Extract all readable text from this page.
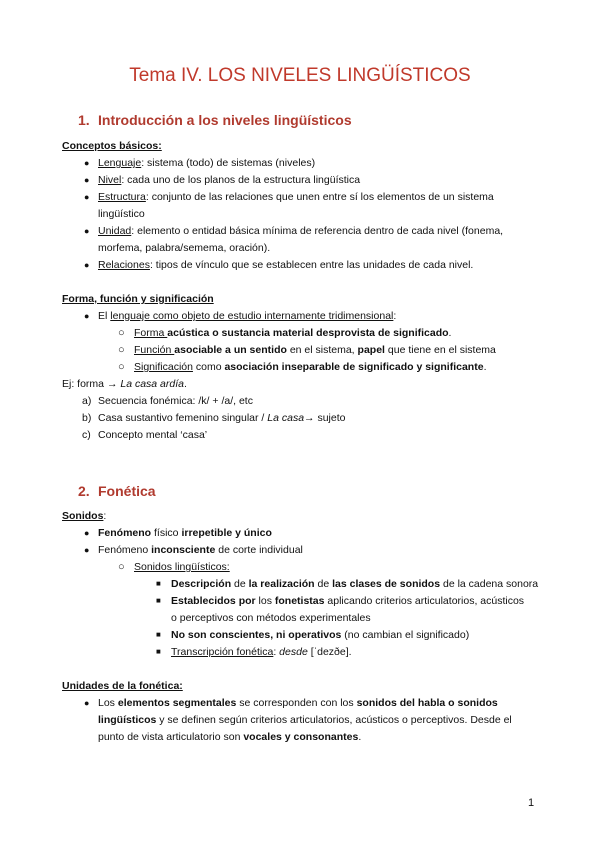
Tema IV. LOS NIVELES LINGÜÍSTICOS
1. Introducción a los niveles lingüísticos
Conceptos básicos:
● Lenguaje: sistema (todo) de sistemas (niveles)
● Nivel: cada uno de los planos de la estructura lingüística
● Estructura: conjunto de las relaciones que unen entre sí los elementos de un sistema
lingüístico
● Unidad: elemento o entidad básica mínima de referencia dentro de cada nivel (fonema,
morfema, palabra/semema, oración).
● Relaciones: tipos de vínculo que se establecen entre las unidades de cada nivel.
Forma, función y significación
● El lenguaje como objeto de estudio internamente tridimensional:
○ Forma acústica o sustancia material desprovista de significado.
○ Función asociable a un sentido en el sistema, papel que tiene en el sistema
○ Significación como asociación inseparable de significado y significante.
Ej: forma → La casa ardía.
a) Secuencia fonémica: /k/ + /a/, etc
b) Casa sustantivo femenino singular / La casa→ sujeto
c) Concepto mental ‘casa’
2. Fonética
Sonidos:
● Fenómeno físico irrepetible y único
● Fenómeno inconsciente de corte individual
○ Sonidos lingüísticos:
■ Descripción de la realización de las clases de sonidos de la cadena sonora
■ Establecidos por los fonetistas aplicando criterios articulatorios, acústicos
o perceptivos con métodos experimentales
■ No son conscientes, ni operativos (no cambian el significado)
■ Transcripción fonética: desde [ˈdezðe].
Unidades de la fonética:
● Los elementos segmentales se corresponden con los sonidos del habla o sonidos
lingüísticos y se definen según criterios articulatorios, acústicos o perceptivos. Desde el
punto de vista articulatorio son vocales y consonantes.
1
